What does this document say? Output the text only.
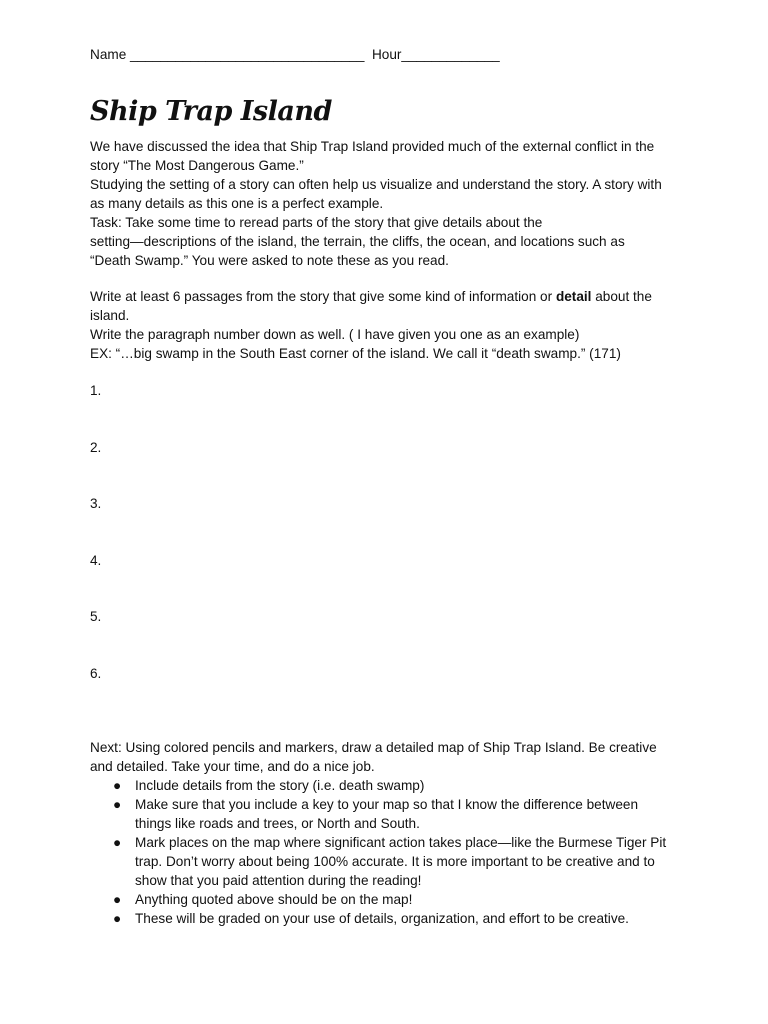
Name _______________________________  Hour_____________
Ship Trap Island

We have discussed the idea that Ship Trap Island provided much of the external conflict in the

story “The Most Dangerous Game.”

Studying the setting of a story can often help us visualize and understand the story. A story with

as many details as this one is a perfect example.

Task: Take some time to reread parts of the story that give details about the

setting—descriptions of the island, the terrain, the cliffs, the ocean, and locations such as

“Death Swamp.” You were asked to note these as you read.

Write at least 6 passages from the story that give some kind of information or detail about the

island.

Write the paragraph number down as well. ( I have given you one as an example)

EX: “…big swamp in the South East corner of the island. We call it “death swamp.” (171)

1.
2.
3.
4.
5.
6.

Next: Using colored pencils and markers, draw a detailed map of Ship Trap Island. Be creative

and detailed. Take your time, and do a nice job.

● Include details from the story (i.e. death swamp)
● Make sure that you include a key to your map so that I know the difference between
things like roads and trees, or North and South.
● Mark places on the map where significant action takes place—like the Burmese Tiger Pit
trap. Don’t worry about being 100% accurate. It is more important to be creative and to
show that you paid attention during the reading!
● Anything quoted above should be on the map!
● These will be graded on your use of details, organization, and effort to be creative.
